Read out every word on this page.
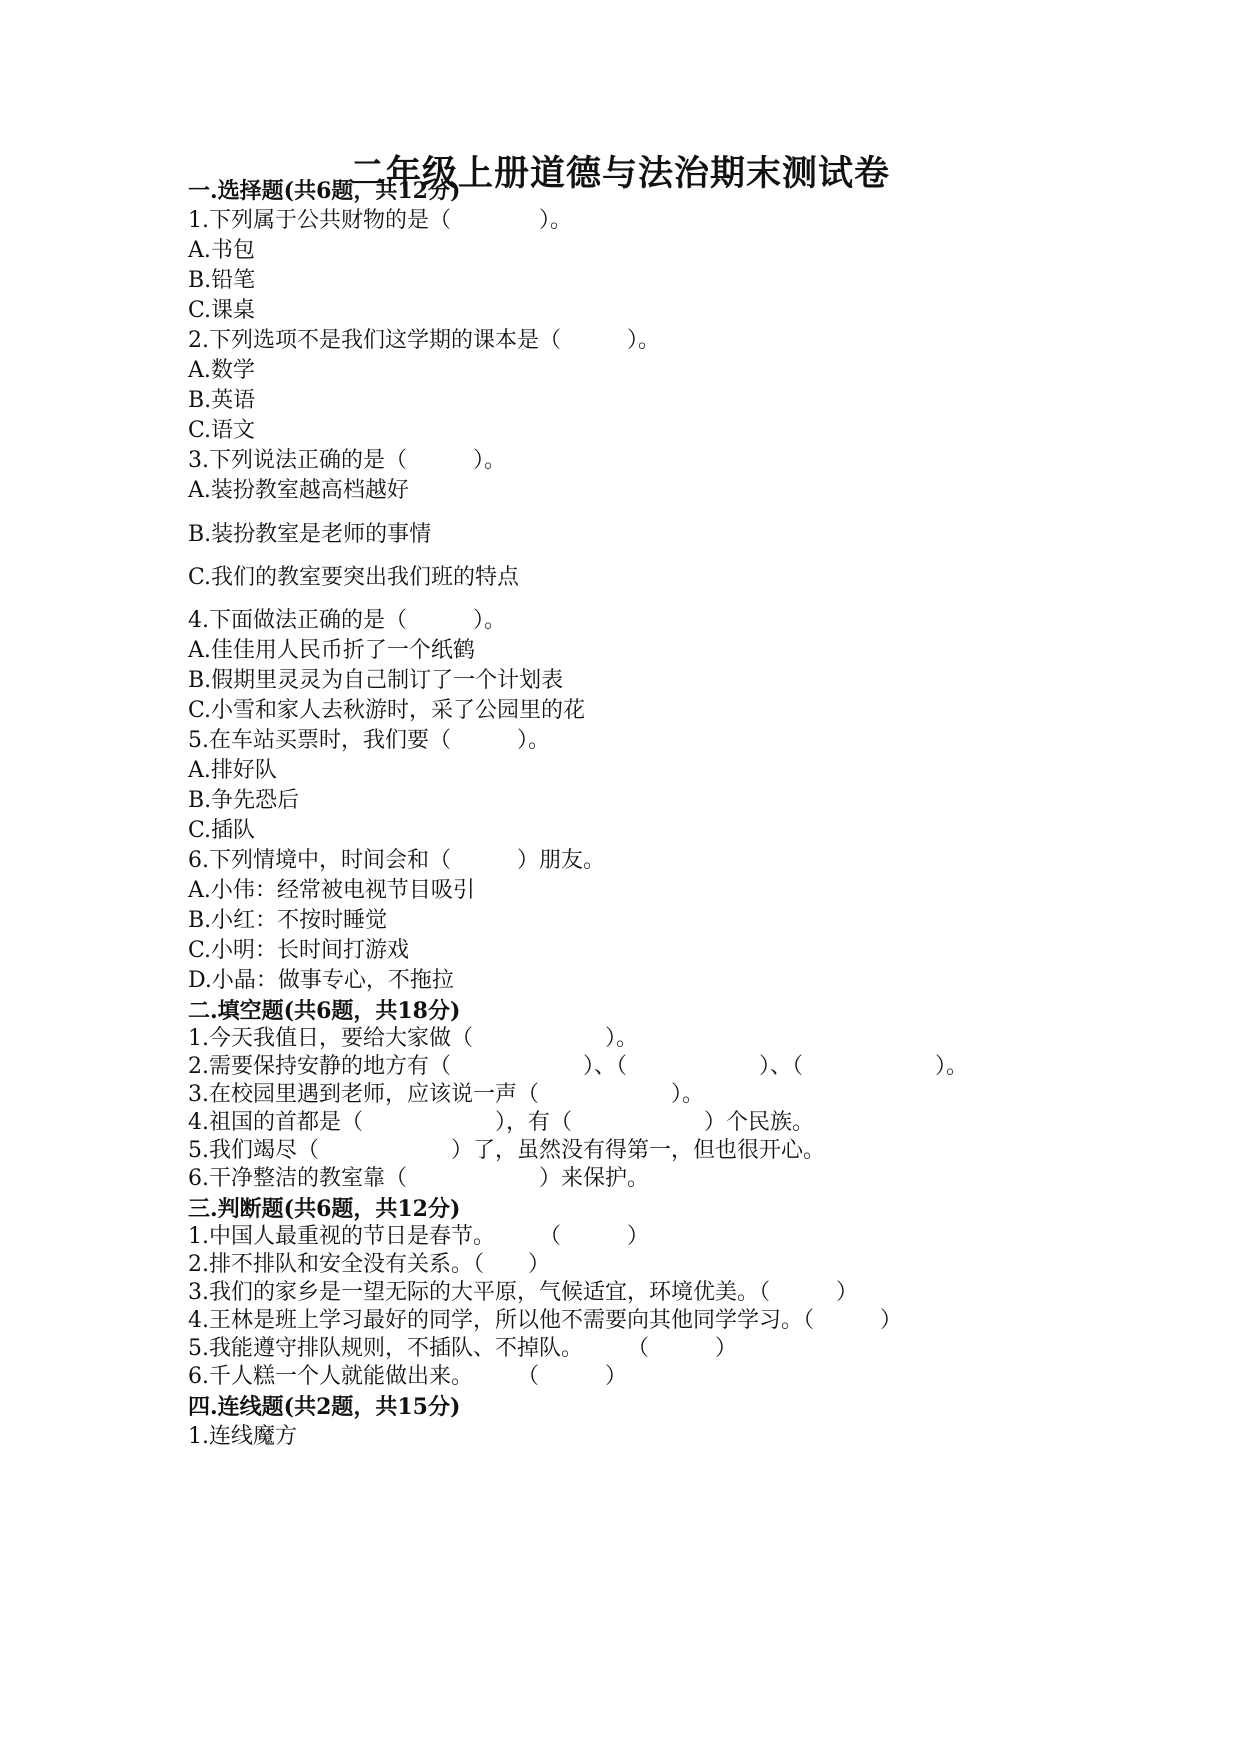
二年级上册道德与法治期末测试卷
一.选择题(共6题，共12分)
1.下列属于公共财物的是（　　　　）。
A.书包
B.铅笔
C.课桌
2.下列选项不是我们这学期的课本是（　　　）。
A.数学
B.英语
C.语文
3.下列说法正确的是（　　　）。
A.装扮教室越高档越好
B.装扮教室是老师的事情
C.我们的教室要突出我们班的特点
4.下面做法正确的是（　　　）。
A.佳佳用人民币折了一个纸鹤
B.假期里灵灵为自己制订了一个计划表
C.小雪和家人去秋游时，采了公园里的花
5.在车站买票时，我们要（　　　）。
A.排好队
B.争先恐后
C.插队
6.下列情境中，时间会和（　　　）朋友。
A.小伟：经常被电视节目吸引
B.小红：不按时睡觉
C.小明：长时间打游戏
D.小晶：做事专心，不拖拉
二.填空题(共6题，共18分)
1.今天我值日，要给大家做（　　　　　　）。
2.需要保持安静的地方有（　　　　　　）、（　　　　　　）、（　　　　　　）。
3.在校园里遇到老师，应该说一声（　　　　　　）。
4.祖国的首都是（　　　　　　），有（　　　　　　）个民族。
5.我们竭尽（　　　　　　）了，虽然没有得第一，但也很开心。
6.干净整洁的教室靠（　　　　　　）来保护。
三.判断题(共6题，共12分)
1.中国人最重视的节日是春节。　　　（　　　）
2.排不排队和安全没有关系。（　　）
3.我们的家乡是一望无际的大平原，气候适宜，环境优美。（　　　）
4.王林是班上学习最好的同学，所以他不需要向其他同学学习。（　　　）
5.我能遵守排队规则，不插队、不掉队。　　　（　　　）
6.千人糕一个人就能做出来。　　　（　　　）
四.连线题(共2题，共15分)
1.连线魔方
